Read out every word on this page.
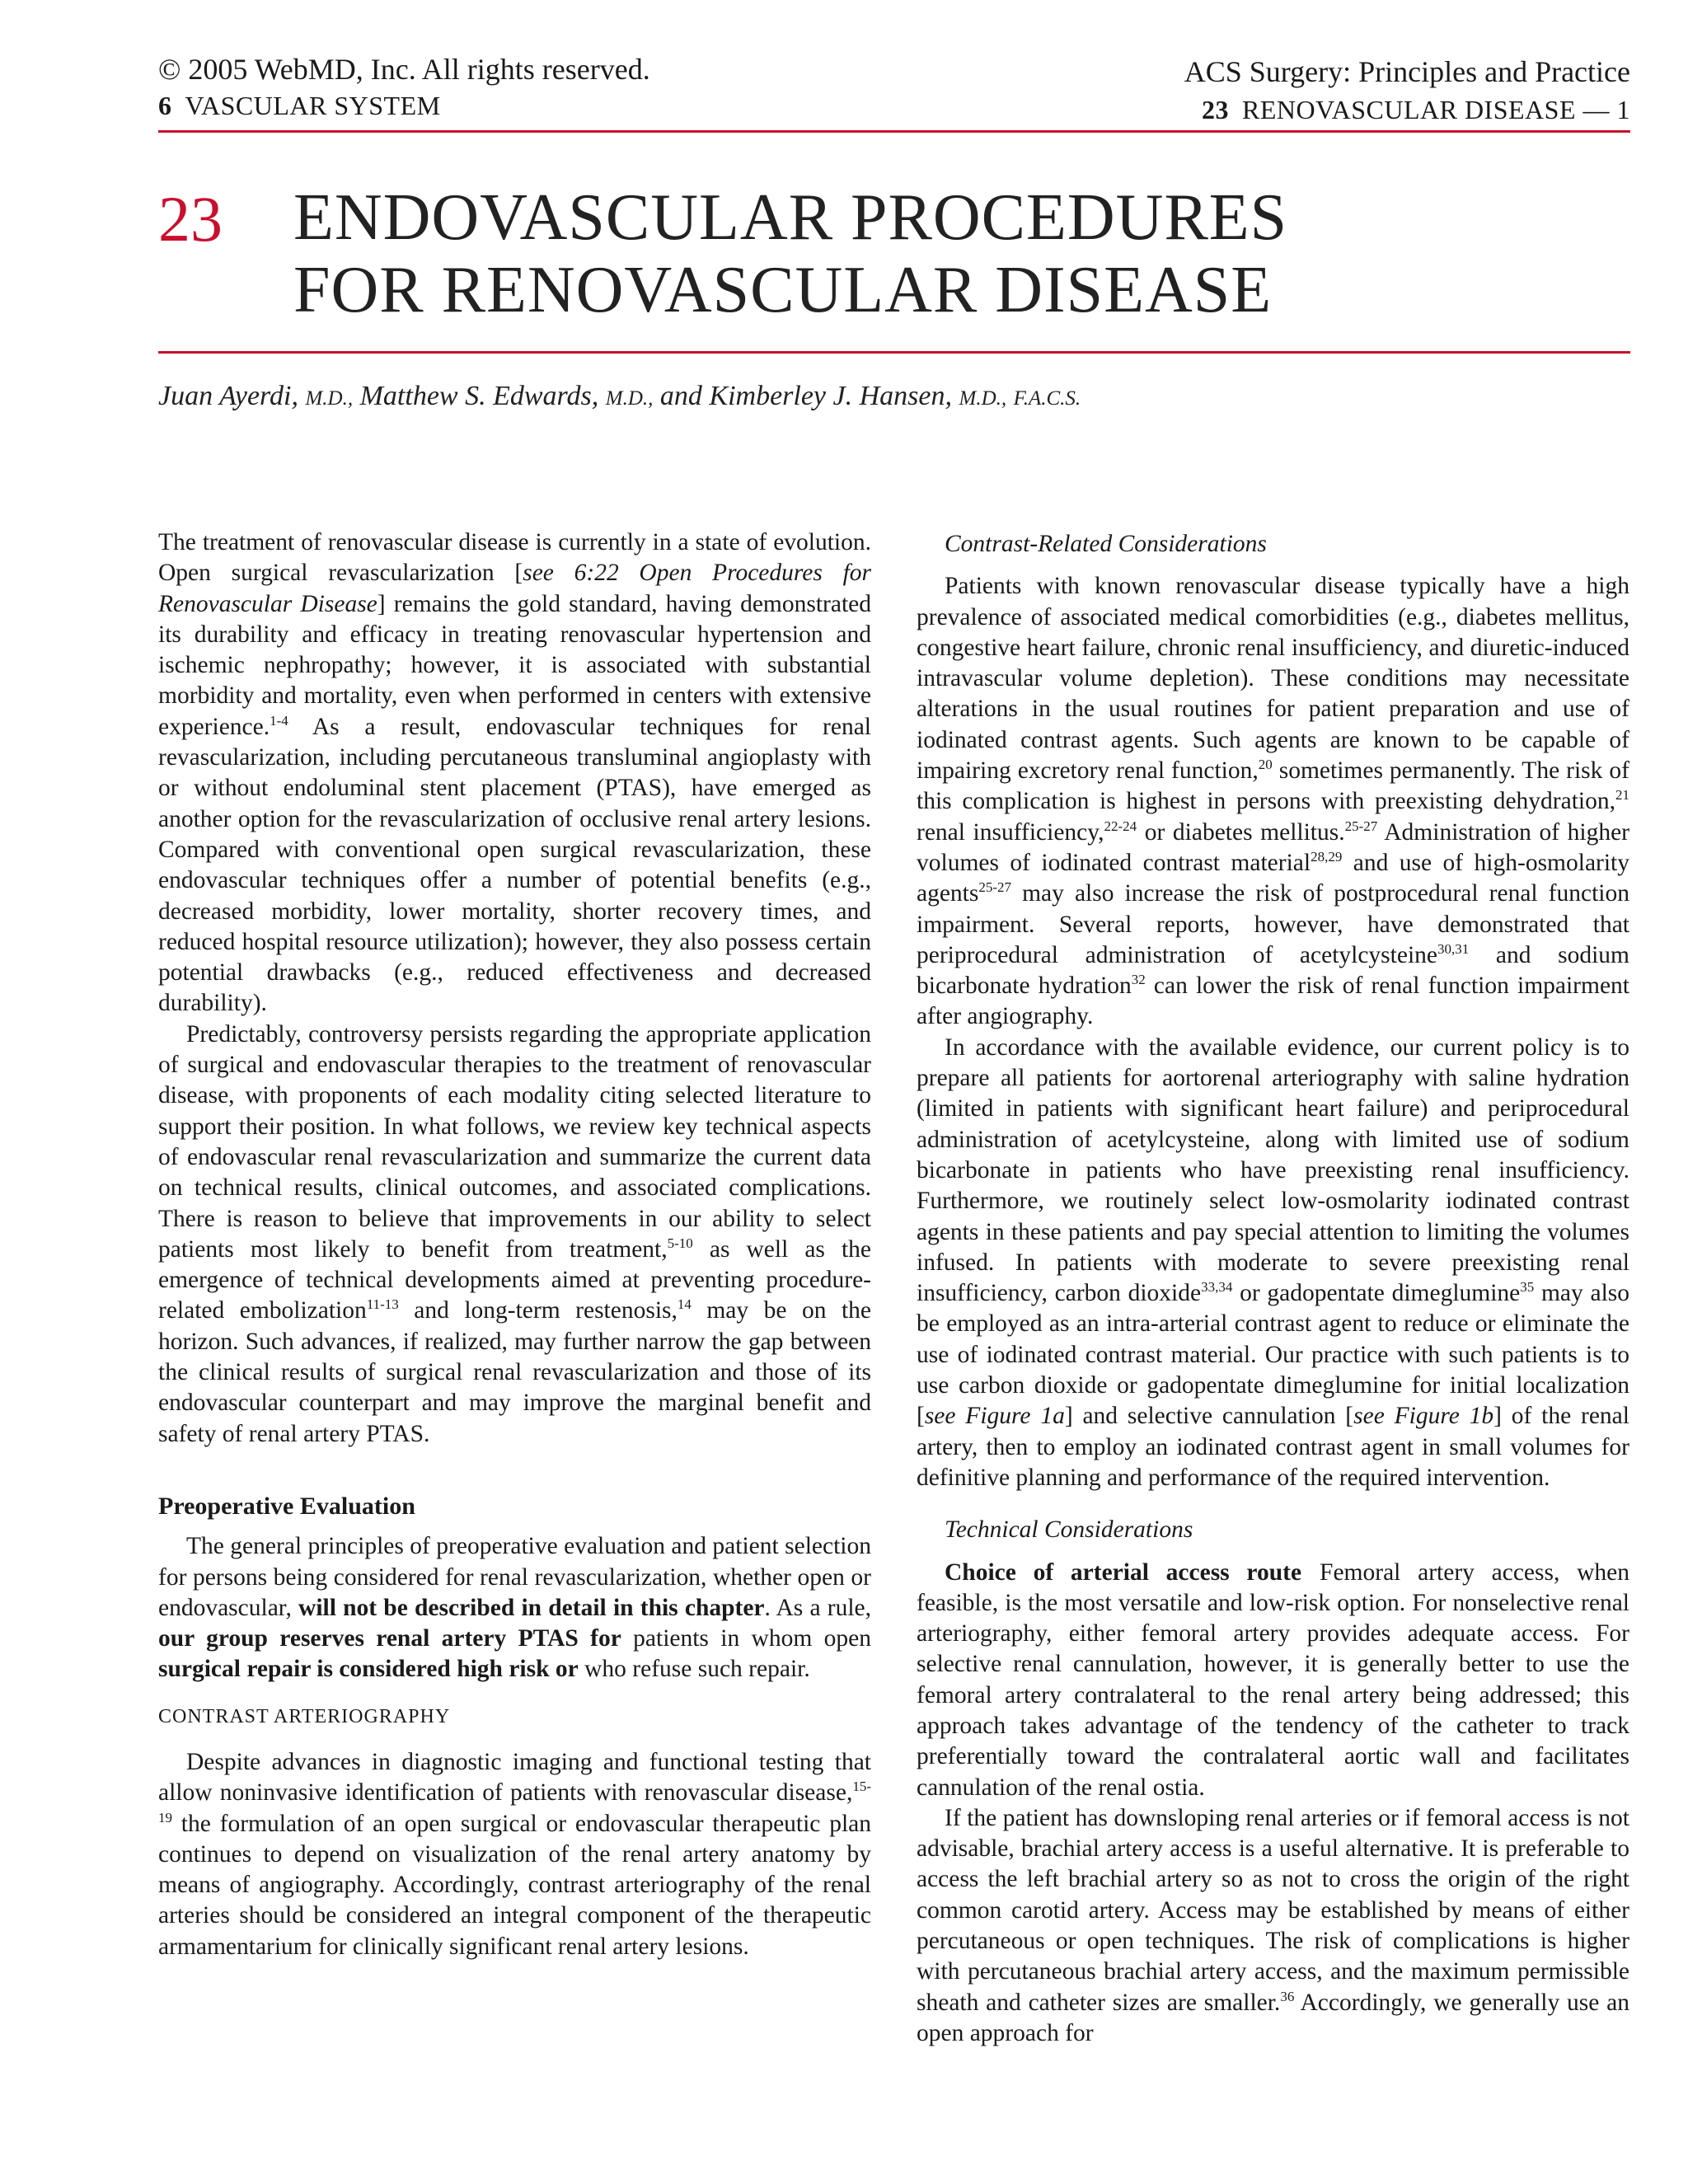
© 2005 WebMD, Inc. All rights reserved.
6 VASCULAR SYSTEM
ACS Surgery: Principles and Practice
23 RENOVASCULAR DISEASE — 1
23 ENDOVASCULAR PROCEDURES
FOR RENOVASCULAR DISEASE
Juan Ayerdi, M.D., Matthew S. Edwards, M.D., and Kimberley J. Hansen, M.D., F.A.C.S.

The treatment of renovascular disease is currently in a state of evolution. Open surgical revascularization [see 6:22 Open Procedures for Renovascular Disease] remains the gold standard, having demonstrated its durability and efficacy in treating renovascular hypertension and ischemic nephropathy; however, it is associated with substantial morbidity and mortality, even when performed in centers with extensive experience.$^{1-4}$ As a result, endovascular techniques for renal revascularization, including percutaneous transluminal angioplasty with or without endoluminal stent placement (PTAS), have emerged as another option for the revascularization of occlusive renal artery lesions. Compared with conventional open surgical revascularization, these endovascular techniques offer a number of potential benefits (e.g., decreased morbidity, lower mortality, shorter recovery times, and reduced hospital resource utilization); however, they also possess certain potential drawbacks (e.g., reduced effectiveness and decreased durability).

Predictably, controversy persists regarding the appropriate application of surgical and endovascular therapies to the treatment of renovascular disease, with proponents of each modality citing selected literature to support their position. In what follows, we review key technical aspects of endovascular renal revascularization and summarize the current data on technical results, clinical outcomes, and associated complications. There is reason to believe that improvements in our ability to select patients most likely to benefit from treatment,$^{5-10}$ as well as the emergence of technical developments aimed at preventing procedure-related embolization$^{11-13}$ and long-term restenosis,$^{14}$ may be on the horizon. Such advances, if realized, may further narrow the gap between the clinical results of surgical renal revascularization and those of its endovascular counterpart and may improve the marginal benefit and safety of renal artery PTAS.

Preoperative Evaluation

The general principles of preoperative evaluation and patient selection for persons being considered for renal revascularization, whether open or endovascular, will not be described in detail in this chapter. As a rule, our group reserves renal artery PTAS for patients in whom open surgical repair is considered high risk or who refuse such repair.

CONTRAST ARTERIOGRAPHY

Despite advances in diagnostic imaging and functional testing that allow noninvasive identification of patients with renovascular disease,$^{15-19}$ the formulation of an open surgical or endovascular therapeutic plan continues to depend on visualization of the renal artery anatomy by means of angiography. Accordingly, contrast arteriography of the renal arteries should be considered an integral component of the therapeutic armamentarium for clinically significant renal artery lesions.

Contrast-Related Considerations

Patients with known renovascular disease typically have a high prevalence of associated medical comorbidities (e.g., diabetes mellitus, congestive heart failure, chronic renal insufficiency, and diuretic-induced intravascular volume depletion). These conditions may necessitate alterations in the usual routines for patient preparation and use of iodinated contrast agents. Such agents are known to be capable of impairing excretory renal function,$^{20}$ sometimes permanently. The risk of this complication is highest in persons with preexisting dehydration,$^{21}$ renal insufficiency,$^{22-24}$ or diabetes mellitus.$^{25-27}$ Administration of higher volumes of iodinated contrast material$^{28,29}$ and use of high-osmolarity agents$^{25-27}$ may also increase the risk of postprocedural renal function impairment. Several reports, however, have demonstrated that periprocedural administration of acetylcysteine$^{30,31}$ and sodium bicarbonate hydration$^{32}$ can lower the risk of renal function impairment after angiography.

In accordance with the available evidence, our current policy is to prepare all patients for aortorenal arteriography with saline hydration (limited in patients with significant heart failure) and periprocedural administration of acetylcysteine, along with limited use of sodium bicarbonate in patients who have preexisting renal insufficiency. Furthermore, we routinely select low-osmolarity iodinated contrast agents in these patients and pay special attention to limiting the volumes infused. In patients with moderate to severe preexisting renal insufficiency, carbon dioxide$^{33,34}$ or gadopentate dimeglumine$^{35}$ may also be employed as an intra-arterial contrast agent to reduce or eliminate the use of iodinated contrast material. Our practice with such patients is to use carbon dioxide or gadopentate dimeglumine for initial localization [see Figure 1a] and selective cannulation [see Figure 1b] of the renal artery, then to employ an iodinated contrast agent in small volumes for definitive planning and performance of the required intervention.

Technical Considerations

Choice of arterial access route Femoral artery access, when feasible, is the most versatile and low-risk option. For nonselective renal arteriography, either femoral artery provides adequate access. For selective renal cannulation, however, it is generally better to use the femoral artery contralateral to the renal artery being addressed; this approach takes advantage of the tendency of the catheter to track preferentially toward the contralateral aortic wall and facilitates cannulation of the renal ostia.

If the patient has downsloping renal arteries or if femoral access is not advisable, brachial artery access is a useful alternative. It is preferable to access the left brachial artery so as not to cross the origin of the right common carotid artery. Access may be established by means of either percutaneous or open techniques. The risk of complications is higher with percutaneous brachial artery access, and the maximum permissible sheath and catheter sizes are smaller.$^{36}$ Accordingly, we generally use an open approach for
